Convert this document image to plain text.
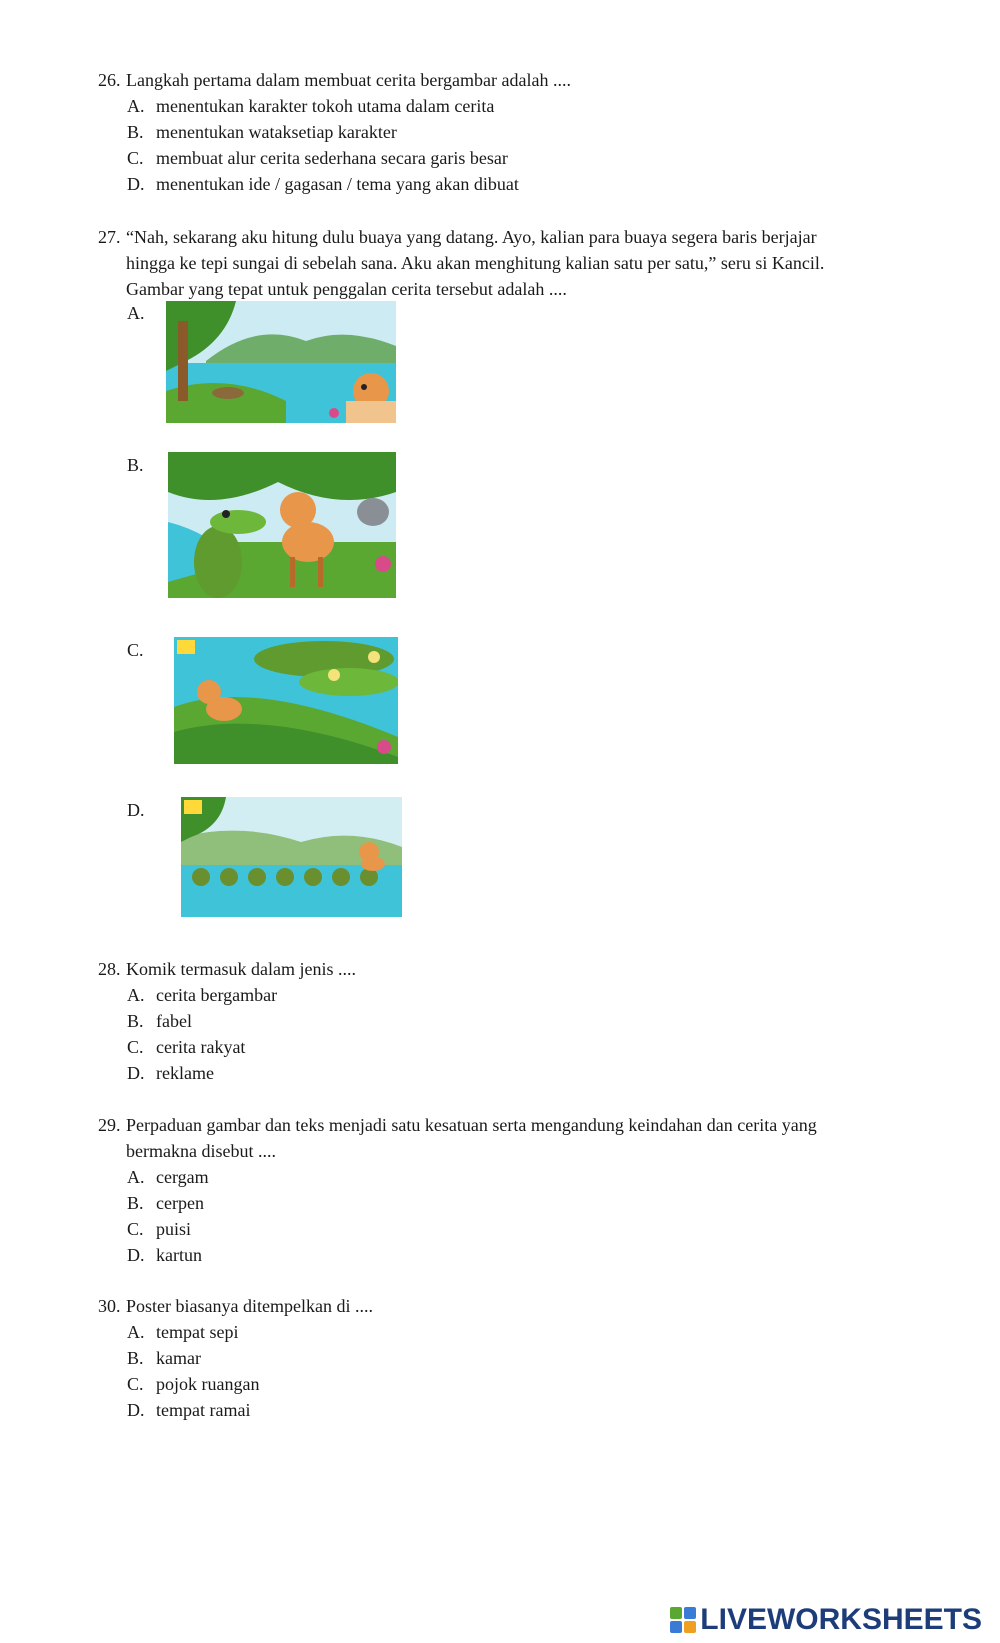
26. Langkah pertama dalam membuat cerita bergambar adalah ....
A. menentukan karakter tokoh utama dalam cerita
B. menentukan wataksetiap karakter
C. membuat alur cerita sederhana secara garis besar
D. menentukan ide / gagasan / tema yang akan dibuat
27. “Nah, sekarang aku hitung dulu buaya yang datang. Ayo, kalian para buaya segera baris berjajar
hingga ke tepi sungai di sebelah sana. Aku akan menghitung kalian satu per satu,” seru si Kancil.
Gambar yang tepat untuk penggalan cerita tersebut adalah ....
A.
B.
C.
D.
28. Komik termasuk dalam jenis ....
A. cerita bergambar
B. fabel
C. cerita rakyat
D. reklame
29. Perpaduan gambar dan teks menjadi satu kesatuan serta mengandung keindahan dan cerita yang
bermakna disebut ....
A. cergam
B. cerpen
C. puisi
D. kartun
30. Poster biasanya ditempelkan di ....
A. tempat sepi
B. kamar
C. pojok ruangan
D. tempat ramai
LIVEWORKSHEETS
